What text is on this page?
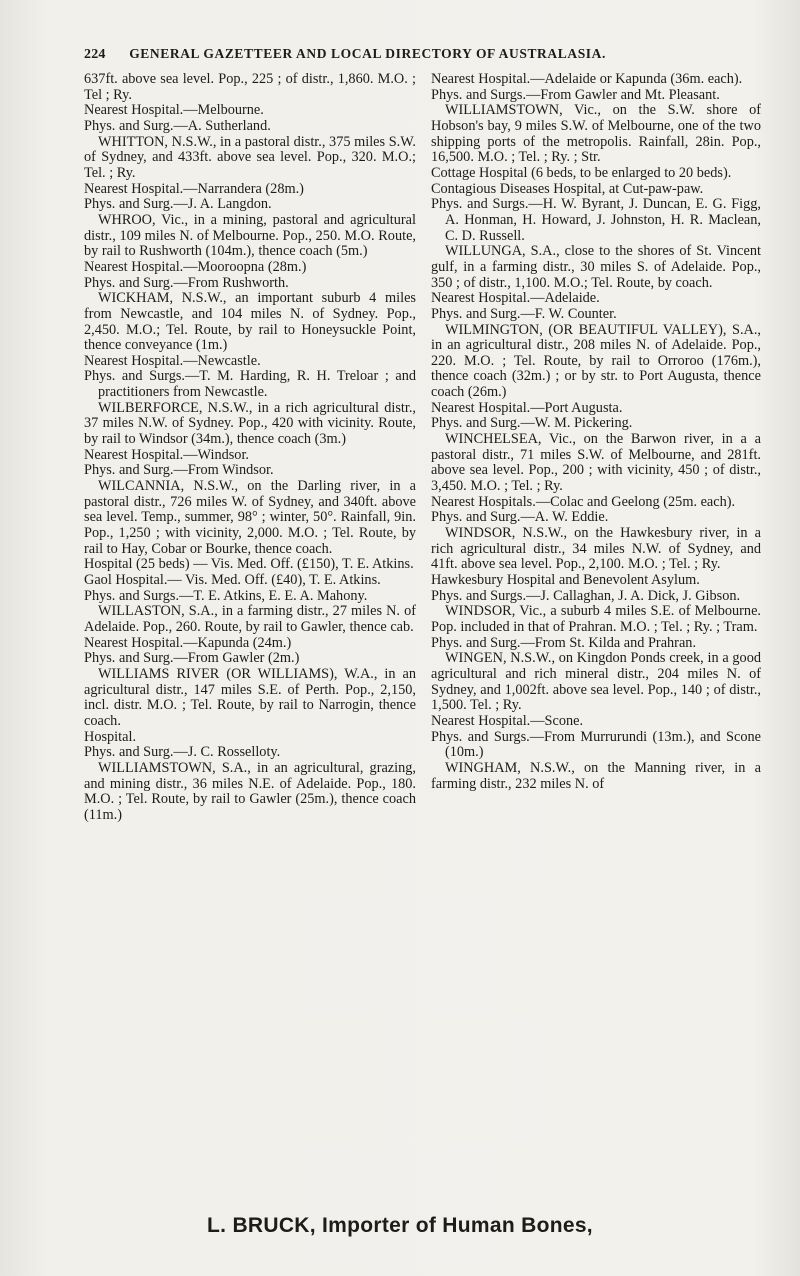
224 GENERAL GAZETTEER AND LOCAL DIRECTORY OF AUSTRALASIA.

637ft. above sea level. Pop., 225 ; of distr., 1,860. M.O. ; Tel ; Ry.

Nearest Hospital.—Melbourne.

Phys. and Surg.—A. Sutherland.

WHITTON, N.S.W., in a pastoral distr., 375 miles S.W. of Sydney, and 433ft. above sea level. Pop., 320. M.O.; Tel. ; Ry.

Nearest Hospital.—Narrandera (28m.)

Phys. and Surg.—J. A. Langdon.

WHROO, Vic., in a mining, pastoral and agricultural distr., 109 miles N. of Melbourne. Pop., 250. M.O. Route, by rail to Rushworth (104m.), thence coach (5m.)

Nearest Hospital.—Mooroopna (28m.)

Phys. and Surg.—From Rushworth.

WICKHAM, N.S.W., an important suburb 4 miles from Newcastle, and 104 miles N. of Sydney. Pop., 2,450. M.O.; Tel. Route, by rail to Honeysuckle Point, thence conveyance (1m.)

Nearest Hospital.—Newcastle.

Phys. and Surgs.—T. M. Harding, R. H. Treloar ; and practitioners from Newcastle.

WILBERFORCE, N.S.W., in a rich agricultural distr., 37 miles N.W. of Sydney. Pop., 420 with vicinity. Route, by rail to Windsor (34m.), thence coach (3m.)

Nearest Hospital.—Windsor.

Phys. and Surg.—From Windsor.

WILCANNIA, N.S.W., on the Darling river, in a pastoral distr., 726 miles W. of Sydney, and 340ft. above sea level. Temp., summer, 98° ; winter, 50°. Rainfall, 9in. Pop., 1,250 ; with vicinity, 2,000. M.O. ; Tel. Route, by rail to Hay, Cobar or Bourke, thence coach.

Hospital (25 beds) — Vis. Med. Off. (£150), T. E. Atkins.

Gaol Hospital.— Vis. Med. Off. (£40), T. E. Atkins.

Phys. and Surgs.—T. E. Atkins, E. E. A. Mahony.

WILLASTON, S.A., in a farming distr., 27 miles N. of Adelaide. Pop., 260. Route, by rail to Gawler, thence cab.

Nearest Hospital.—Kapunda (24m.)

Phys. and Surg.—From Gawler (2m.)

WILLIAMS RIVER (OR WILLIAMS), W.A., in an agricultural distr., 147 miles S.E. of Perth. Pop., 2,150, incl. distr. M.O. ; Tel. Route, by rail to Narrogin, thence coach.

Hospital.

Phys. and Surg.—J. C. Rosselloty.

WILLIAMSTOWN, S.A., in an agricultural, grazing, and mining distr., 36 miles N.E. of Adelaide. Pop., 180. M.O. ; Tel. Route, by rail to Gawler (25m.), thence coach (11m.)

Nearest Hospital.—Adelaide or Kapunda (36m. each).

Phys. and Surgs.—From Gawler and Mt. Pleasant.

WILLIAMSTOWN, Vic., on the S.W. shore of Hobson's bay, 9 miles S.W. of Melbourne, one of the two shipping ports of the metropolis. Rainfall, 28in. Pop., 16,500. M.O. ; Tel. ; Ry. ; Str.

Cottage Hospital (6 beds, to be enlarged to 20 beds).

Contagious Diseases Hospital, at Cut-paw-paw.

Phys. and Surgs.—H. W. Byrant, J. Duncan, E. G. Figg, A. Honman, H. Howard, J. Johnston, H. R. Maclean, C. D. Russell.

WILLUNGA, S.A., close to the shores of St. Vincent gulf, in a farming distr., 30 miles S. of Adelaide. Pop., 350 ; of distr., 1,100. M.O.; Tel. Route, by coach.

Nearest Hospital.—Adelaide.

Phys. and Surg.—F. W. Counter.

WILMINGTON, (OR BEAUTIFUL VALLEY), S.A., in an agricultural distr., 208 miles N. of Adelaide. Pop., 220. M.O. ; Tel. Route, by rail to Orroroo (176m.), thence coach (32m.) ; or by str. to Port Augusta, thence coach (26m.)

Nearest Hospital.—Port Augusta.

Phys. and Surg.—W. M. Pickering.

WINCHELSEA, Vic., on the Barwon river, in a a pastoral distr., 71 miles S.W. of Melbourne, and 281ft. above sea level. Pop., 200 ; with vicinity, 450 ; of distr., 3,450. M.O. ; Tel. ; Ry.

Nearest Hospitals.—Colac and Geelong (25m. each).

Phys. and Surg.—A. W. Eddie.

WINDSOR, N.S.W., on the Hawkesbury river, in a rich agricultural distr., 34 miles N.W. of Sydney, and 41ft. above sea level. Pop., 2,100. M.O. ; Tel. ; Ry.

Hawkesbury Hospital and Benevolent Asylum.

Phys. and Surgs.—J. Callaghan, J. A. Dick, J. Gibson.

WINDSOR, Vic., a suburb 4 miles S.E. of Melbourne. Pop. included in that of Prahran. M.O. ; Tel. ; Ry. ; Tram.

Phys. and Surg.—From St. Kilda and Prahran.

WINGEN, N.S.W., on Kingdon Ponds creek, in a good agricultural and rich mineral distr., 204 miles N. of Sydney, and 1,002ft. above sea level. Pop., 140 ; of distr., 1,500. Tel. ; Ry.

Nearest Hospital.—Scone.

Phys. and Surgs.—From Murrurundi (13m.), and Scone (10m.)

WINGHAM, N.S.W., on the Manning river, in a farming distr., 232 miles N. of

L. BRUCK, Importer of Human Bones,
